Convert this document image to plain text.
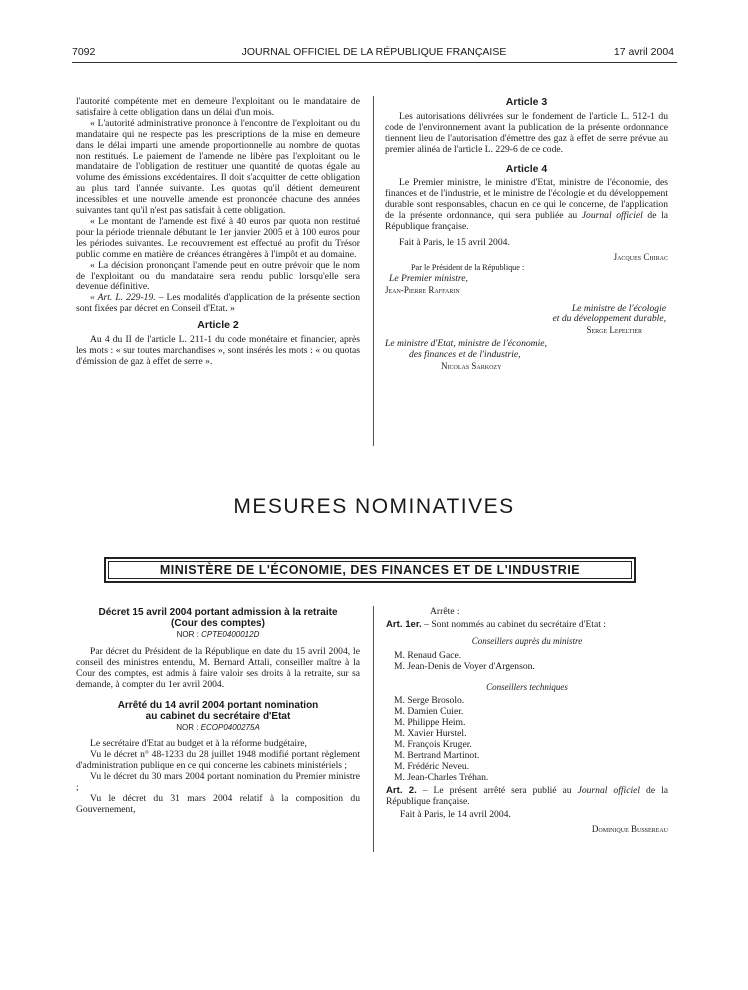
7092	JOURNAL OFFICIEL DE LA RÉPUBLIQUE FRANÇAISE	17 avril 2004

l'autorité compétente met en demeure l'exploitant ou le mandataire de satisfaire à cette obligation dans un délai d'un mois.

« L'autorité administrative prononce à l'encontre de l'exploitant ou du mandataire qui ne respecte pas les prescriptions de la mise en demeure dans le délai imparti une amende proportionnelle au nombre de quotas non restitués. Le paiement de l'amende ne libère pas l'exploitant ou le mandataire de l'obligation de restituer une quantité de quotas égale au volume des émissions excédentaires. Il doit s'acquitter de cette obligation au plus tard l'année suivante. Les quotas qu'il détient demeurent incessibles et une nouvelle amende est prononcée chacune des années suivantes tant qu'il n'est pas satisfait à cette obligation.

« Le montant de l'amende est fixé à 40 euros par quota non restitué pour la période triennale débutant le 1er janvier 2005 et à 100 euros pour les périodes suivantes. Le recouvrement est effectué au profit du Trésor public comme en matière de créances étrangères à l'impôt et au domaine.

« La décision prononçant l'amende peut en outre prévoir que le nom de l'exploitant ou du mandataire sera rendu public lorsqu'elle sera devenue définitive.

« Art. L. 229-19. – Les modalités d'application de la présente section sont fixées par décret en Conseil d'Etat. »

Article 2

Au 4 du II de l'article L. 211-1 du code monétaire et financier, après les mots : « sur toutes marchandises », sont insérés les mots : « ou quotas d'émission de gaz à effet de serre ».

Article 3

Les autorisations délivrées sur le fondement de l'article L. 512-1 du code de l'environnement avant la publication de la présente ordonnance tiennent lieu de l'autorisation d'émettre des gaz à effet de serre prévue au premier alinéa de l'article L. 229-6 de ce code.

Article 4

Le Premier ministre, le ministre d'Etat, ministre de l'économie, des finances et de l'industrie, et le ministre de l'écologie et du développement durable sont responsables, chacun en ce qui le concerne, de l'application de la présente ordonnance, qui sera publiée au Journal officiel de la République française.

Fait à Paris, le 15 avril 2004.

Jacques Chirac

Par le Président de la République :

Le Premier ministre,

Jean-Pierre Raffarin

Le ministre de l'écologie

et du développement durable,

Serge Lepeltier

Le ministre d'Etat, ministre de l'économie,

des finances et de l'industrie,

Nicolas Sarkozy

MESURES NOMINATIVES
MINISTÈRE DE L'ÉCONOMIE, DES FINANCES ET DE L'INDUSTRIE
Décret 15 avril 2004 portant admission à la retraite
(Cour des comptes)
NOR : CPTE0400012D

Par décret du Président de la République en date du 15 avril 2004, le conseil des ministres entendu, M. Bernard Attali, conseiller maître à la Cour des comptes, est admis à faire valoir ses droits à la retraite, sur sa demande, à compter du 1er avril 2004.

Arrêté du 14 avril 2004 portant nomination
au cabinet du secrétaire d'Etat
NOR : ECOP0400275A

Le secrétaire d'Etat au budget et à la réforme budgétaire,

Vu le décret n° 48-1233 du 28 juillet 1948 modifié portant règlement d'administration publique en ce qui concerne les cabinets ministériels ;

Vu le décret du 30 mars 2004 portant nomination du Premier ministre ;

Vu le décret du 31 mars 2004 relatif à la composition du Gouvernement,

Arrête :

Art. 1er. – Sont nommés au cabinet du secrétaire d'Etat :

Conseillers auprès du ministre
M. Renaud Gace.
M. Jean-Denis de Voyer d'Argenson.
Conseillers techniques
M. Serge Brosolo.
M. Damien Cuier.
M. Philippe Heim.
M. Xavier Hurstel.
M. François Kruger.
M. Bertrand Martinot.
M. Frédéric Neveu.
M. Jean-Charles Tréhan.

Art. 2. – Le présent arrêté sera publié au Journal officiel de la République française.

Fait à Paris, le 14 avril 2004.

Dominique Bussereau
